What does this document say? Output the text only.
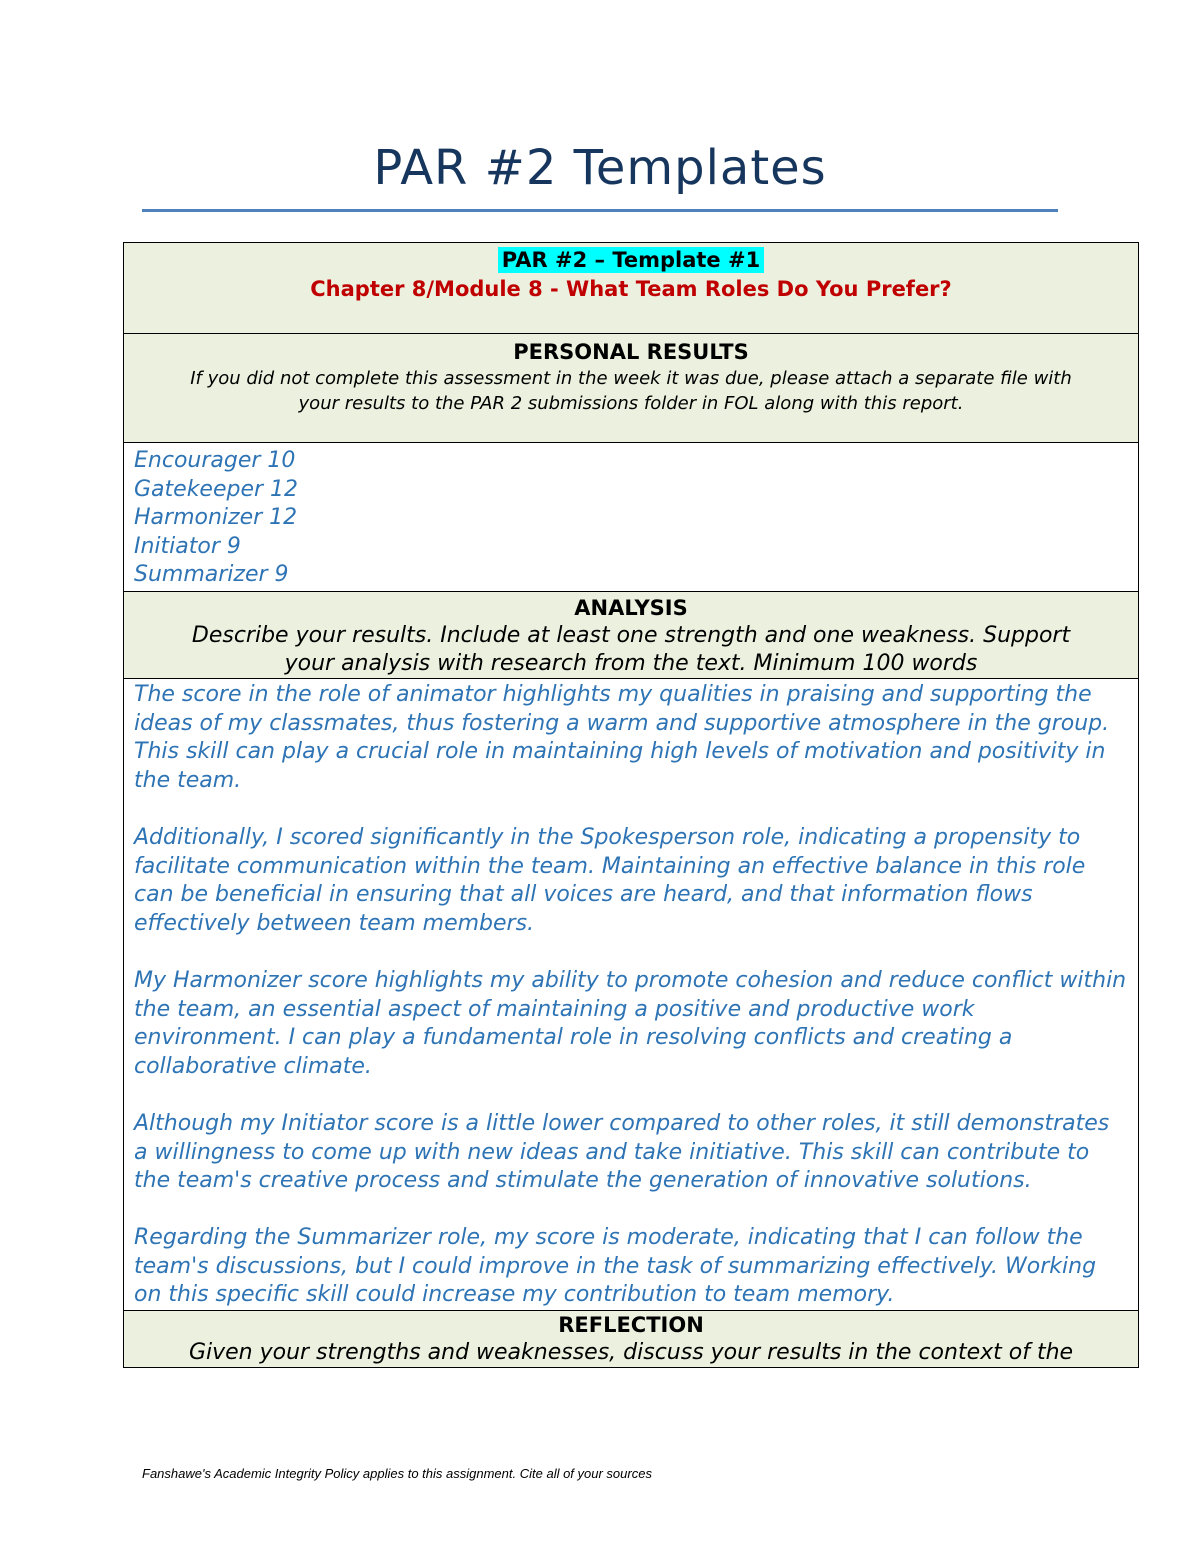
PAR #2 Templates
PAR #2 – Template #1
Chapter 8/Module 8 - What Team Roles Do You Prefer?

PERSONAL RESULTS
If you did not complete this assessment in the week it was due, please attach a separate file with
your results to the PAR 2 submissions folder in FOL along with this report.

Encourager 10
Gatekeeper 12
Harmonizer 12
Initiator 9
Summarizer 9

ANALYSIS
Describe your results. Include at least one strength and one weakness. Support
your analysis with research from the text. Minimum 100 words

The score in the role of animator highlights my qualities in praising and supporting the ideas of my classmates, thus fostering a warm and supportive atmosphere in the group. This skill can play a crucial role in maintaining high levels of motivation and positivity in the team.

Additionally, I scored significantly in the Spokesperson role, indicating a propensity to facilitate communication within the team. Maintaining an effective balance in this role can be beneficial in ensuring that all voices are heard, and that information flows effectively between team members.

My Harmonizer score highlights my ability to promote cohesion and reduce conflict within the team, an essential aspect of maintaining a positive and productive work environment. I can play a fundamental role in resolving conflicts and creating a collaborative climate.

Although my Initiator score is a little lower compared to other roles, it still demonstrates a willingness to come up with new ideas and take initiative. This skill can contribute to the team's creative process and stimulate the generation of innovative solutions.

Regarding the Summarizer role, my score is moderate, indicating that I can follow the team's discussions, but I could improve in the task of summarizing effectively. Working on this specific skill could increase my contribution to team memory.

REFLECTION
Given your strengths and weaknesses, discuss your results in the context of the
Fanshawe's Academic Integrity Policy applies to this assignment. Cite all of your sources
